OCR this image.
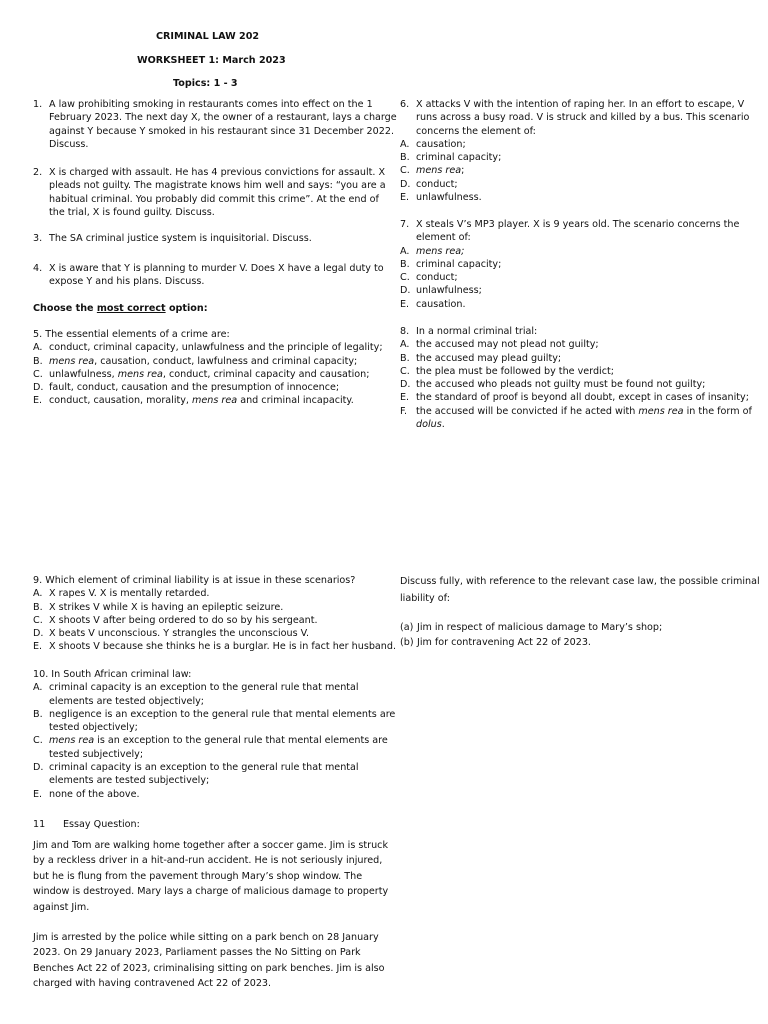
CRIMINAL LAW 202
WORKSHEET 1: March 2023
Topics: 1 - 3
1. A law prohibiting smoking in restaurants comes into effect on the 1
February 2023. The next day X, the owner of a restaurant, lays a charge
against Y because Y smoked in his restaurant since 31 December 2022.
Discuss.
2. X is charged with assault. He has 4 previous convictions for assault. X
pleads not guilty. The magistrate knows him well and says: “you are a
habitual criminal. You probably did commit this crime”. At the end of
the trial, X is found guilty. Discuss.
3. The SA criminal justice system is inquisitorial. Discuss.
4. X is aware that Y is planning to murder V. Does X have a legal duty to
expose Y and his plans. Discuss.
Choose the most correct option:
5. The essential elements of a crime are:
A. conduct, criminal capacity, unlawfulness and the principle of legality;
B. mens rea, causation, conduct, lawfulness and criminal capacity;
C. unlawfulness, mens rea, conduct, criminal capacity and causation;
D. fault, conduct, causation and the presumption of innocence;
E. conduct, causation, morality, mens rea and criminal incapacity.
6. X attacks V with the intention of raping her. In an effort to escape, V
runs across a busy road. V is struck and killed by a bus. This scenario
concerns the element of:
A. causation;
B. criminal capacity;
C. mens rea;
D. conduct;
E. unlawfulness.
7. X steals V’s MP3 player. X is 9 years old. The scenario concerns the
element of:
A. mens rea;
B. criminal capacity;
C. conduct;
D. unlawfulness;
E. causation.
8. In a normal criminal trial:
A. the accused may not plead not guilty;
B. the accused may plead guilty;
C. the plea must be followed by the verdict;
D. the accused who pleads not guilty must be found not guilty;
E. the standard of proof is beyond all doubt, except in cases of insanity;
F. the accused will be convicted if he acted with mens rea in the form of
dolus.
9. Which element of criminal liability is at issue in these scenarios?
A. X rapes V. X is mentally retarded.
B. X strikes V while X is having an epileptic seizure.
C. X shoots V after being ordered to do so by his sergeant.
D. X beats V unconscious. Y strangles the unconscious V.
E. X shoots V because she thinks he is a burglar. He is in fact her husband.
10. In South African criminal law:
A. criminal capacity is an exception to the general rule that mental
elements are tested objectively;
B. negligence is an exception to the general rule that mental elements are
tested objectively;
C. mens rea is an exception to the general rule that mental elements are
tested subjectively;
D. criminal capacity is an exception to the general rule that mental
elements are tested subjectively;
E. none of the above.
11 Essay Question:
Jim and Tom are walking home together after a soccer game. Jim is struck
by a reckless driver in a hit-and-run accident. He is not seriously injured,
but he is flung from the pavement through Mary’s shop window. The
window is destroyed. Mary lays a charge of malicious damage to property
against Jim.
Jim is arrested by the police while sitting on a park bench on 28 January
2023. On 29 January 2023, Parliament passes the No Sitting on Park
Benches Act 22 of 2023, criminalising sitting on park benches. Jim is also
charged with having contravened Act 22 of 2023.
Discuss fully, with reference to the relevant case law, the possible criminal
liability of:
(a) Jim in respect of malicious damage to Mary’s shop;
(b) Jim for contravening Act 22 of 2023.
